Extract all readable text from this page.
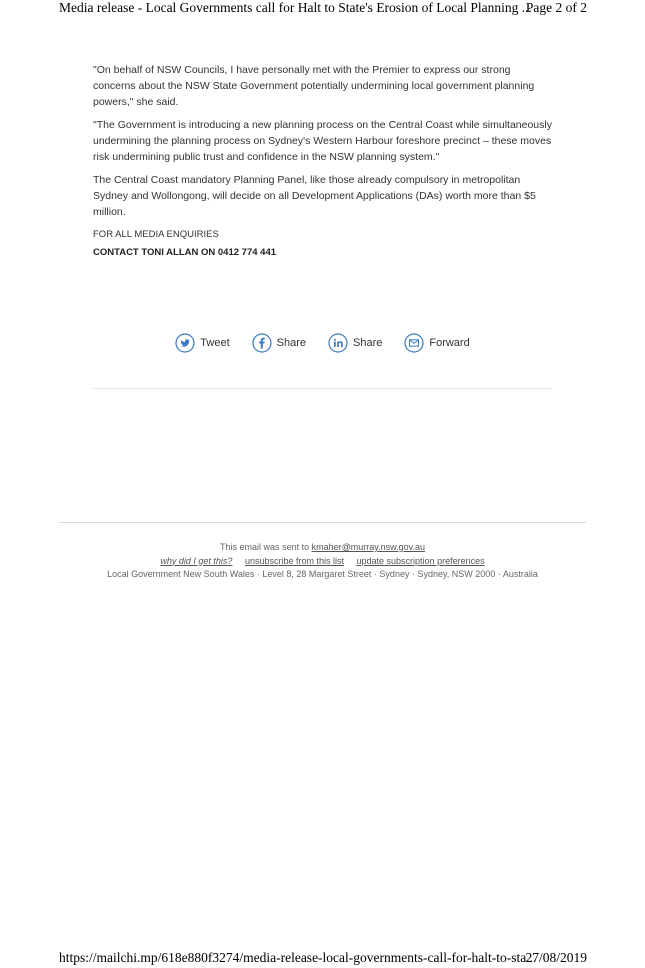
Media release - Local Governments call for Halt to State's Erosion of Local Planning ...
Page 2 of 2

"On behalf of NSW Councils, I have personally met with the Premier to express our strong concerns about the NSW State Government potentially undermining local government planning powers," she said.

"The Government is introducing a new planning process on the Central Coast while simultaneously undermining the planning process on Sydney's Western Harbour foreshore precinct – these moves risk undermining public trust and confidence in the NSW planning system."

The Central Coast mandatory Planning Panel, like those already compulsory in metropolitan Sydney and Wollongong, will decide on all Development Applications (DAs) worth more than $5 million.

FOR ALL MEDIA ENQUIRIES
CONTACT TONI ALLAN ON 0412 774 441
Tweet	Share	Share	Forward
This email was sent to kmaher@murray.nsw.gov.au
why did I get this? unsubscribe from this list update subscription preferences
Local Government New South Wales · Level 8, 28 Margaret Street · Sydney · Sydney, NSW 2000 · Australia
https://mailchi.mp/618e880f3274/media-release-local-governments-call-for-halt-to-sta...
27/08/2019
